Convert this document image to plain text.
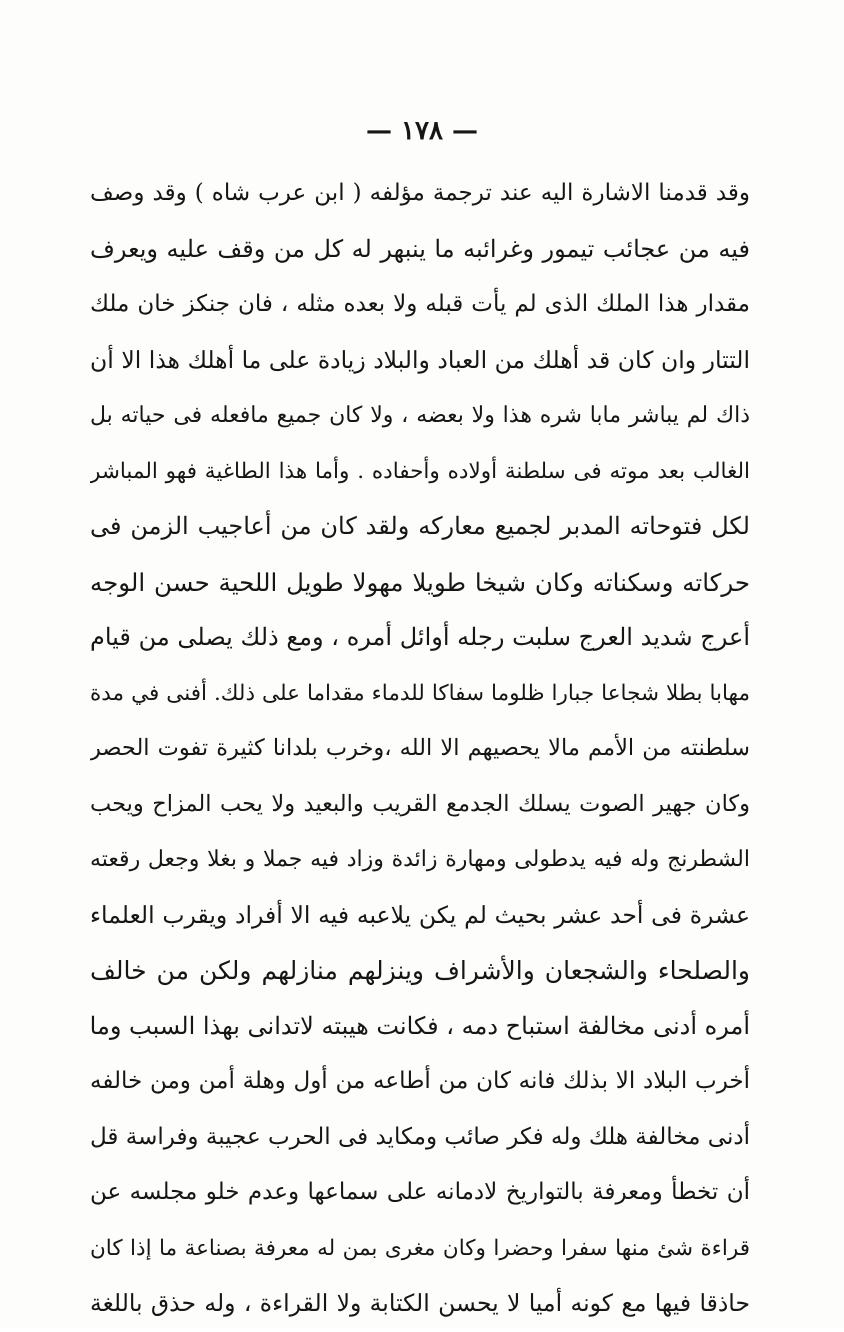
— ١٧٨ —
وقد قدمنا الاشارة اليه عند ترجمة مؤلفه ( ابن عرب شاه ) وقد وصف
فيه من عجائب تيمور وغرائبه ما ينبهر له كل من وقف عليه ويعرف
مقدار هذا الملك الذى لم يأت قبله ولا بعده مثله ، فان جنكز خان ملك
التتار وان كان قد أهلك من العباد والبلاد زيادة على ما أهلك هذا الا أن
ذاك لم يباشر مابا شره هذا ولا بعضه ، ولا كان جميع مافعله فى حياته بل
الغالب بعد موته فى سلطنة أولاده وأحفاده . وأما هذا الطاغية فهو المباشر
لكل فتوحاته المدبر لجميع معاركه ولقد كان من أعاجيب الزمن فى
حركاته وسكناته وكان شيخا طويلا مهولا طويل اللحية حسن الوجه
أعرج شديد العرج سلبت رجله أوائل أمره ، ومع ذلك يصلى من قيام
مهابا بطلا شجاعا جبارا ظلوما سفاكا للدماء مقداما على ذلك. أفنى في مدة
سلطنته من الأمم مالا يحصيهم الا الله ،وخرب بلدانا كثيرة تفوت الحصر
وكان جهير الصوت يسلك الجدمع القريب والبعيد ولا يحب المزاح ويحب
الشطرنج وله فيه يدطولى ومهارة زائدة وزاد فيه جملا و بغلا وجعل رقعته
عشرة فى أحد عشر بحيث لم يكن يلاعبه فيه الا أفراد ويقرب العلماء
والصلحاء والشجعان والأشراف وينزلهم منازلهم ولكن من خالف
أمره أدنى مخالفة استباح دمه ، فكانت هيبته لاتدانى بهذا السبب وما
أخرب البلاد الا بذلك فانه كان من أطاعه من أول وهلة أمن ومن خالفه
أدنى مخالفة هلك وله فكر صائب ومكايد فى الحرب عجيبة وفراسة قل
أن تخطأ ومعرفة بالتواريخ لادمانه على سماعها وعدم خلو مجلسه عن
قراءة شئ منها سفرا وحضرا وكان مغرى بمن له معرفة بصناعة ما إذا كان
حاذقا فيها مع كونه أميا لا يحسن الكتابة ولا القراءة ، وله حذق باللغة
